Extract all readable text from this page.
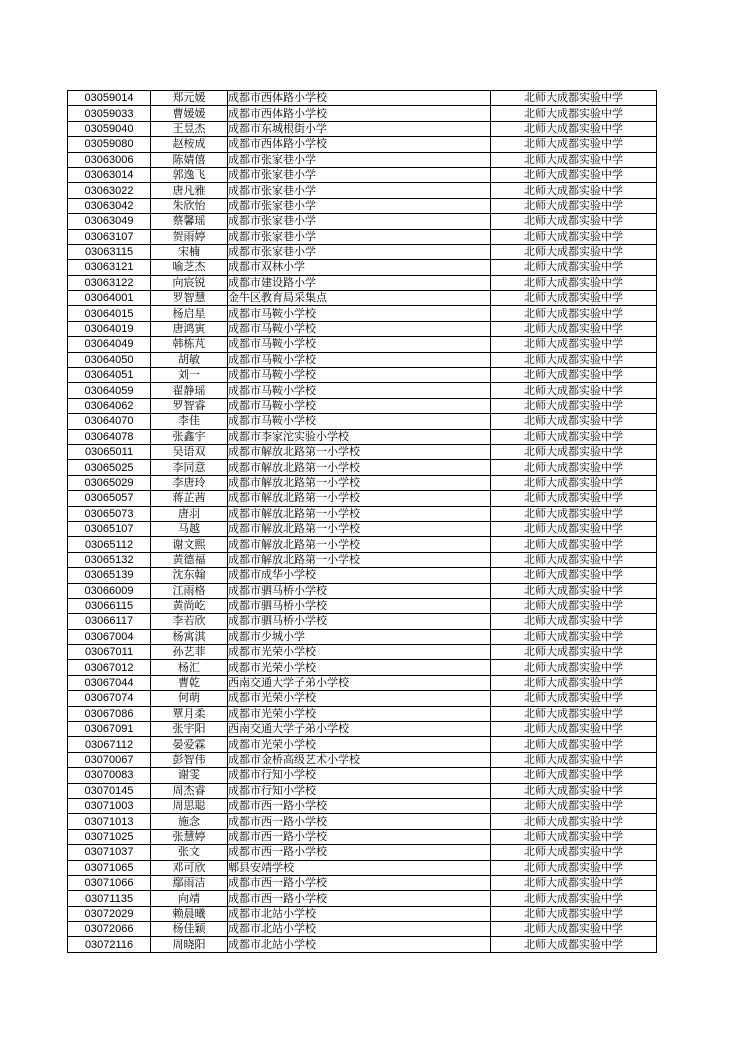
03059014	郑元媛	成都市西体路小学校	北师大成都实验中学
03059033	曹媛媛	成都市西体路小学校	北师大成都实验中学
03059040	王昱杰	成都市东城根街小学	北师大成都实验中学
03059080	赵桉成	成都市西体路小学校	北师大成都实验中学
03063006	陈婧僖	成都市张家巷小学	北师大成都实验中学
03063014	郭逸飞	成都市张家巷小学	北师大成都实验中学
03063022	唐凡雅	成都市张家巷小学	北师大成都实验中学
03063042	朱欣怡	成都市张家巷小学	北师大成都实验中学
03063049	蔡馨瑶	成都市张家巷小学	北师大成都实验中学
03063107	贺雨婷	成都市张家巷小学	北师大成都实验中学
03063115	宋楠	成都市张家巷小学	北师大成都实验中学
03063121	喻芝杰	成都市双林小学	北师大成都实验中学
03063122	向宸锐	成都市建设路小学	北师大成都实验中学
03064001	罗智慧	金牛区教育局采集点	北师大成都实验中学
03064015	杨启星	成都市马鞍小学校	北师大成都实验中学
03064019	唐鸿寅	成都市马鞍小学校	北师大成都实验中学
03064049	韩栋芃	成都市马鞍小学校	北师大成都实验中学
03064050	胡敏	成都市马鞍小学校	北师大成都实验中学
03064051	刘一	成都市马鞍小学校	北师大成都实验中学
03064059	翟静瑶	成都市马鞍小学校	北师大成都实验中学
03064062	罗智睿	成都市马鞍小学校	北师大成都实验中学
03064070	李佳	成都市马鞍小学校	北师大成都实验中学
03064078	张鑫宇	成都市李家沱实验小学校	北师大成都实验中学
03065011	吴语双	成都市解放北路第一小学校	北师大成都实验中学
03065025	李同意	成都市解放北路第一小学校	北师大成都实验中学
03065029	李唐玲	成都市解放北路第一小学校	北师大成都实验中学
03065057	蒋芷茜	成都市解放北路第一小学校	北师大成都实验中学
03065073	唐羽	成都市解放北路第一小学校	北师大成都实验中学
03065107	马越	成都市解放北路第一小学校	北师大成都实验中学
03065112	谢文熙	成都市解放北路第一小学校	北师大成都实验中学
03065132	黄德福	成都市解放北路第一小学校	北师大成都实验中学
03065139	沈东翰	成都市成华小学校	北师大成都实验中学
03066009	江雨格	成都市驷马桥小学校	北师大成都实验中学
03066115	黄尚屹	成都市驷马桥小学校	北师大成都实验中学
03066117	李若欣	成都市驷马桥小学校	北师大成都实验中学
03067004	杨寓淇	成都市少城小学	北师大成都实验中学
03067011	孙艺菲	成都市光荣小学校	北师大成都实验中学
03067012	杨汇	成都市光荣小学校	北师大成都实验中学
03067044	曹乾	西南交通大学子弟小学校	北师大成都实验中学
03067074	何萌	成都市光荣小学校	北师大成都实验中学
03067086	覃月柔	成都市光荣小学校	北师大成都实验中学
03067091	张宇阳	西南交通大学子弟小学校	北师大成都实验中学
03067112	晏爱霖	成都市光荣小学校	北师大成都实验中学
03070067	彭智伟	成都市金桥高级艺术小学校	北师大成都实验中学
03070083	谢雯	成都市行知小学校	北师大成都实验中学
03070145	周杰睿	成都市行知小学校	北师大成都实验中学
03071003	周思聪	成都市西一路小学校	北师大成都实验中学
03071013	施念	成都市西一路小学校	北师大成都实验中学
03071025	张慧婷	成都市西一路小学校	北师大成都实验中学
03071037	张文	成都市西一路小学校	北师大成都实验中学
03071065	邓可欣	郫县安靖学校	北师大成都实验中学
03071066	鄢雨洁	成都市西一路小学校	北师大成都实验中学
03071135	向靖	成都市西一路小学校	北师大成都实验中学
03072029	赖晨曦	成都市北站小学校	北师大成都实验中学
03072066	杨佳颖	成都市北站小学校	北师大成都实验中学
03072116	周晓阳	成都市北站小学校	北师大成都实验中学
